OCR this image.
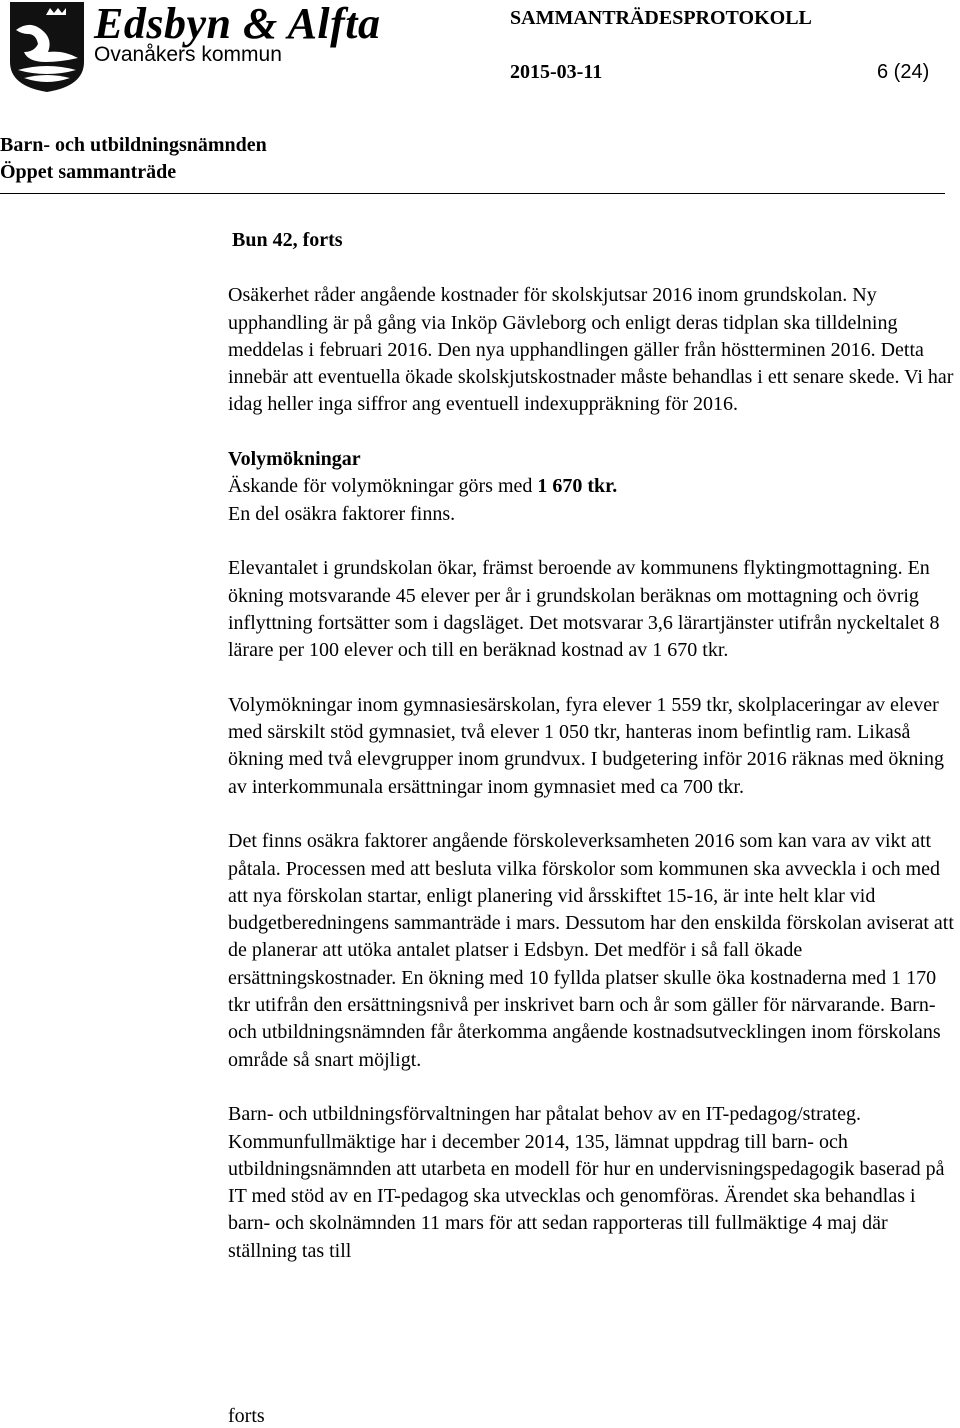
Edsbyn & Alfta
Ovanåkers kommun
SAMMANTRÄDESPROTOKOLL
2015-03-11	6 (24)
Barn- och utbildningsnämnden
Öppet sammanträde
Bun 42, forts

Osäkerhet råder angående kostnader för skolskjutsar 2016 inom grundskolan. Ny upphandling är på gång via Inköp Gävleborg och enligt deras tidplan ska tilldelning meddelas i februari 2016. Den nya upphandlingen gäller från höstterminen 2016. Detta innebär att eventuella ökade skolskjutskostnader måste behandlas i ett senare skede. Vi har idag heller inga siffror ang eventuell indexuppräkning för 2016.

Volymökningar
Äskande för volymökningar görs med 1 670 tkr.
En del osäkra faktorer finns.

Elevantalet i grundskolan ökar, främst beroende av kommunens flyktingmottagning. En ökning motsvarande 45 elever per år i grundskolan beräknas om mottagning och övrig inflyttning fortsätter som i dagsläget. Det motsvarar 3,6 lärartjänster utifrån nyckeltalet 8 lärare per 100 elever och till en beräknad kostnad av 1 670 tkr.

Volymökningar inom gymnasiesärskolan, fyra elever 1 559 tkr, skolplaceringar av elever med särskilt stöd gymnasiet, två elever 1 050 tkr, hanteras inom befintlig ram. Likaså ökning med två elevgrupper inom grundvux. I budgetering inför 2016 räknas med ökning av interkommunala ersättningar inom gymnasiet med ca 700 tkr.

Det finns osäkra faktorer angående förskoleverksamheten 2016 som kan vara av vikt att påtala. Processen med att besluta vilka förskolor som kommunen ska avveckla i och med att nya förskolan startar, enligt planering vid årsskiftet 15-16, är inte helt klar vid budgetberedningens sammanträde i mars. Dessutom har den enskilda förskolan aviserat att de planerar att utöka antalet platser i Edsbyn. Det medför i så fall ökade ersättningskostnader. En ökning med 10 fyllda platser skulle öka kostnaderna med 1 170 tkr utifrån den ersättningsnivå per inskrivet barn och år som gäller för närvarande. Barn- och utbildningsnämnden får återkomma angående kostnadsutvecklingen inom förskolans område så snart möjligt.

Barn- och utbildningsförvaltningen har påtalat behov av en IT-pedagog/strateg. Kommunfullmäktige har i december 2014, 135, lämnat uppdrag till barn- och utbildningsnämnden att utarbeta en modell för hur en undervisningspedagogik baserad på IT med stöd av en IT-pedagog ska utvecklas och genomföras. Ärendet ska behandlas i barn- och skolnämnden 11 mars för att sedan rapporteras till fullmäktige 4 maj där ställning tas till

forts
